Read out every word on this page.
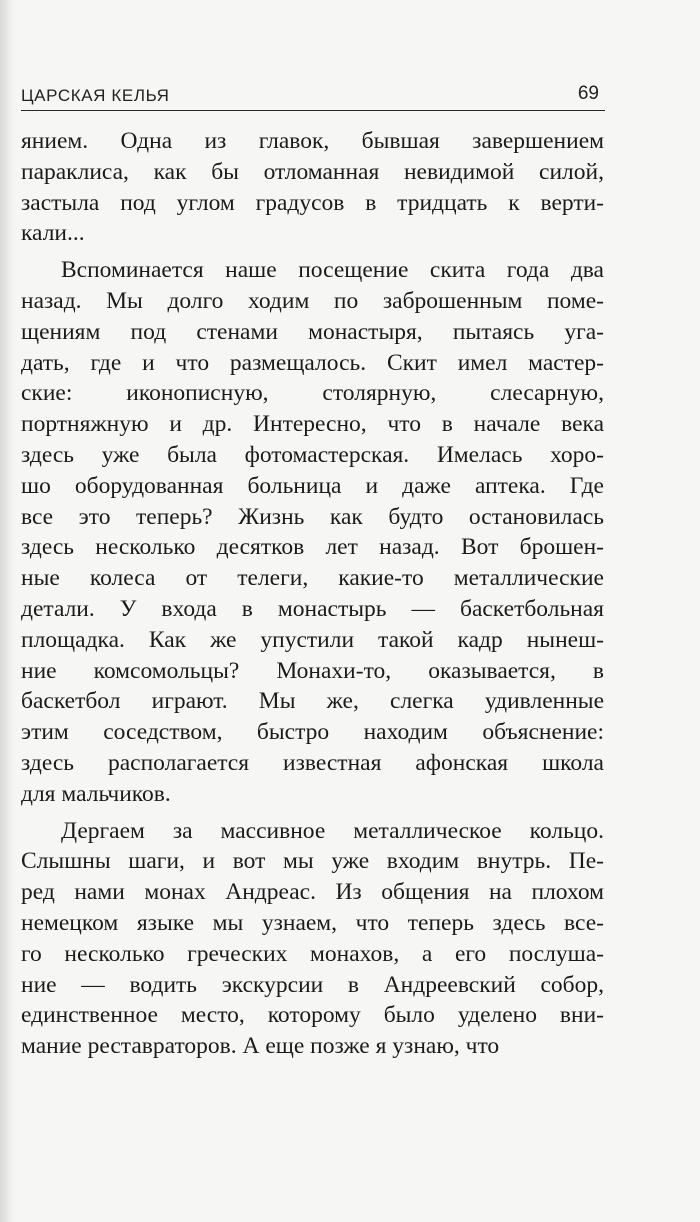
ЦАРСКАЯ КЕЛЬЯ	69
янием. Одна из главок, бывшая завершением
параклиса, как бы отломанная невидимой силой,
застыла под углом градусов в тридцать к верти-
кали...
Вспоминается наше посещение скита года два
назад. Мы долго ходим по заброшенным поме-
щениям под стенами монастыря, пытаясь уга-
дать, где и что размещалось. Скит имел мастер-
ские: иконописную, столярную, слесарную,
портняжную и др. Интересно, что в начале века
здесь уже была фотомастерская. Имелась хоро-
шо оборудованная больница и даже аптека. Где
все это теперь? Жизнь как будто остановилась
здесь несколько десятков лет назад. Вот брошен-
ные колеса от телеги, какие-то металлические
детали. У входа в монастырь — баскетбольная
площадка. Как же упустили такой кадр нынеш-
ние комсомольцы? Монахи-то, оказывается, в
баскетбол играют. Мы же, слегка удивленные
этим соседством, быстро находим объяснение:
здесь располагается известная афонская школа
для мальчиков.
Дергаем за массивное металлическое кольцо.
Слышны шаги, и вот мы уже входим внутрь. Пе-
ред нами монах Андреас. Из общения на плохом
немецком языке мы узнаем, что теперь здесь все-
го несколько греческих монахов, а его послуша-
ние — водить экскурсии в Андреевский собор,
единственное место, которому было уделено вни-
мание реставраторов. А еще позже я узнаю, что
